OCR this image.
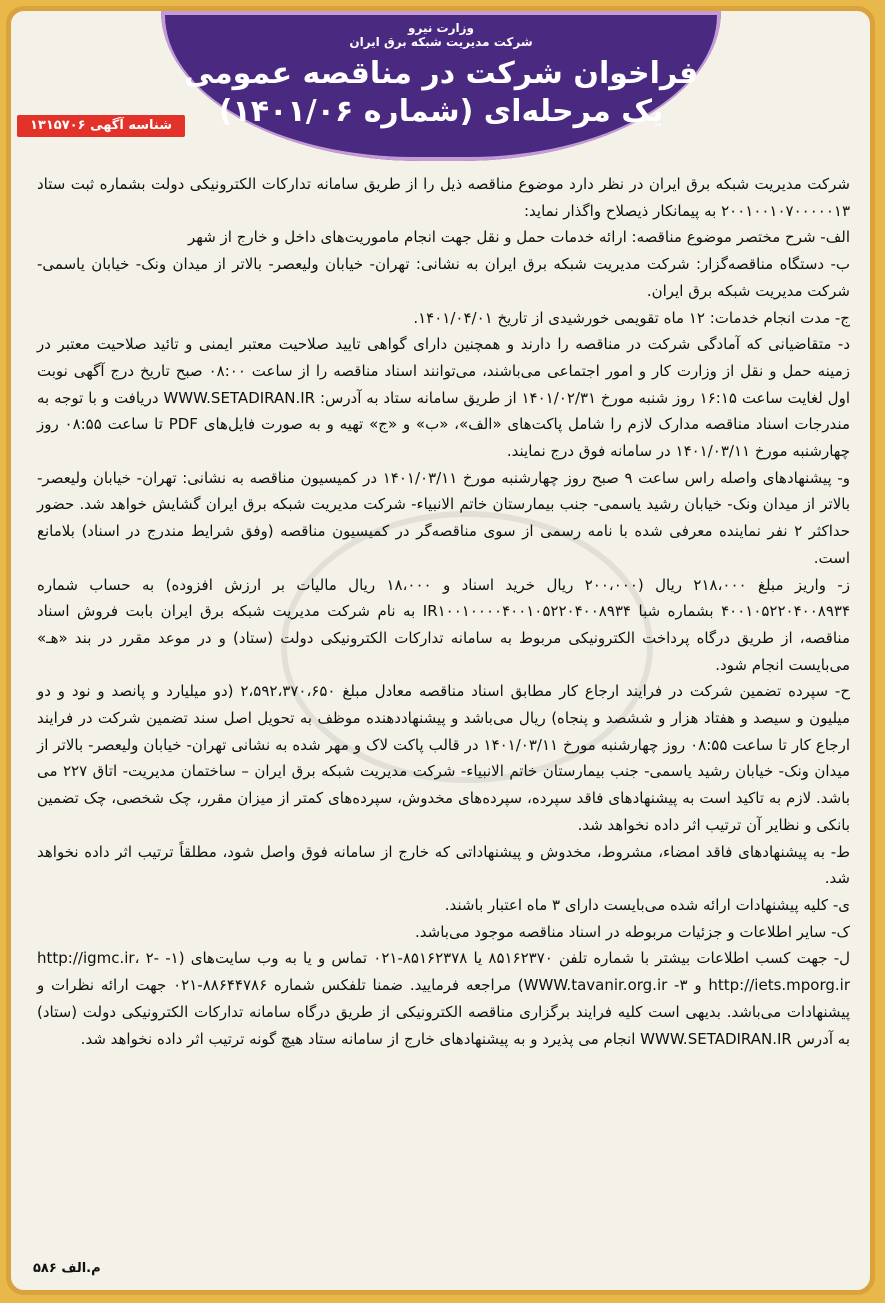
وزارت نیرو
شرکت مدیریت شبکه برق ایران
فراخوان شرکت در مناقصه عمومی
یک مرحله‌ای (شماره ۱۴۰۱/۰۶)
شناسه آگهی ۱۳۱۵۷۰۶

شرکت مدیریت شبکه برق ایران در نظر دارد موضوع مناقصه ذیل را از طریق سامانه تدارکات الکترونیکی دولت بشماره ثبت ستاد ۲۰۰۱۰۰۱۰۷۰۰۰۰۰۱۳ به پیمانکار ذیصلاح واگذار نماید:

الف- شرح مختصر موضوع مناقصه: ارائه خدمات حمل و نقل جهت انجام ماموریت‌های داخل و خارج از شهر

ب- دستگاه مناقصه‌گزار: شرکت مدیریت شبکه برق ایران به نشانی: تهران- خیابان ولیعصر- بالاتر از میدان ونک- خیابان یاسمی- شرکت مدیریت شبکه برق ایران.

ج- مدت انجام خدمات: ۱۲ ماه تقویمی خورشیدی از تاریخ ۱۴۰۱/۰۴/۰۱.

د- متقاضیانی که آمادگی شرکت در مناقصه را دارند و همچنین دارای گواهی تایید صلاحیت معتبر ایمنی و تائید صلاحیت معتبر در زمینه حمل و نقل از وزارت کار و امور اجتماعی می‌باشند، می‌توانند اسناد مناقصه را از ساعت ۰۸:۰۰ صبح تاریخ درج آگهی نوبت اول لغایت ساعت ۱۶:۱۵ روز شنبه مورخ ۱۴۰۱/۰۲/۳۱ از طریق سامانه ستاد به آدرس: WWW.SETADIRAN.IR دریافت و با توجه به مندرجات اسناد مناقصه مدارک لازم را شامل پاکت‌های «الف»، «ب» و «ج» تهیه و به صورت فایل‌های PDF تا ساعت ۰۸:۵۵ روز چهارشنبه مورخ ۱۴۰۱/۰۳/۱۱ در سامانه فوق درج نمایند.

و- پیشنهادهای واصله راس ساعت ۹ صبح روز چهارشنبه مورخ ۱۴۰۱/۰۳/۱۱ در کمیسیون مناقصه به نشانی: تهران- خیابان ولیعصر- بالاتر از میدان ونک- خیابان رشید یاسمی- جنب بیمارستان خاتم الانبیاء- شرکت مدیریت شبکه برق ایران گشایش خواهد شد. حضور حداکثر ۲ نفر نماینده معرفی شده با نامه رسمی از سوی مناقصه‌گر در کمیسیون مناقصه (وفق شرایط مندرج در اسناد) بلامانع است.

ز- واریز مبلغ ۲۱۸،۰۰۰ ریال (۲۰۰،۰۰۰ ریال خرید اسناد و ۱۸،۰۰۰ ریال مالیات بر ارزش افزوده) به حساب شماره ۴۰۰۱۰۵۲۲۰۴۰۰۸۹۳۴ بشماره شبا IR۱۰۰۱۰۰۰۰۴۰۰۱۰۵۲۲۰۴۰۰۸۹۳۴ به نام شرکت مدیریت شبکه برق ایران بابت فروش اسناد مناقصه، از طریق درگاه پرداخت الکترونیکی مربوط به سامانه تدارکات الکترونیکی دولت (ستاد) و در موعد مقرر در بند «هـ» می‌بایست انجام شود.

ح- سپرده تضمین شرکت در فرایند ارجاع کار مطابق اسناد مناقصه معادل مبلغ ۲،۵۹۲،۳۷۰،۶۵۰ (دو میلیارد و پانصد و نود و دو میلیون و سیصد و هفتاد هزار و ششصد و پنجاه) ریال می‌باشد و پیشنهاددهنده موظف به تحویل اصل سند تضمین شرکت در فرایند ارجاع کار تا ساعت ۰۸:۵۵ روز چهارشنبه مورخ ۱۴۰۱/۰۳/۱۱ در قالب پاکت لاک و مهر شده به نشانی تهران- خیابان ولیعصر- بالاتر از میدان ونک- خیابان رشید یاسمی- جنب بیمارستان خاتم الانبیاء- شرکت مدیریت شبکه برق ایران – ساختمان مدیریت- اتاق ۲۲۷ می باشد. لازم به تاکید است به پیشنهادهای فاقد سپرده، سپرده‌های مخدوش، سپرده‌های کمتر از میزان مقرر، چک شخصی، چک تضمین بانکی و نظایر آن ترتیب اثر داده نخواهد شد.

ط- به پیشنهادهای فاقد امضاء، مشروط، مخدوش و پیشنهاداتی که خارج از سامانه فوق واصل شود، مطلقاً ترتیب اثر داده نخواهد شد.

ی- کلیه پیشنهادات ارائه شده می‌بایست دارای ۳ ماه اعتبار باشند.

ک- سایر اطلاعات و جزئیات مربوطه در اسناد مناقصه موجود می‌باشد.

ل- جهت کسب اطلاعات بیشتر با شماره تلفن ۸۵۱۶۲۳۷۰ یا ۸۵۱۶۲۳۷۸-۰۲۱ تماس و یا به وب سایت‌های (۱- http://igmc.ir، ۲- http://iets.mporg.ir و ۳- WWW.tavanir.org.ir) مراجعه فرمایید. ضمنا تلفکس شماره ۸۸۶۴۴۷۸۶-۰۲۱ جهت ارائه نظرات و پیشنهادات می‌باشد. بدیهی است کلیه فرایند برگزاری مناقصه الکترونیکی از طریق درگاه سامانه تدارکات الکترونیکی دولت (ستاد) به آدرس WWW.SETADIRAN.IR انجام می پذیرد و به پیشنهادهای خارج از سامانه ستاد هیچ گونه ترتیب اثر داده نخواهد شد.

م.الف ۵۸۶
